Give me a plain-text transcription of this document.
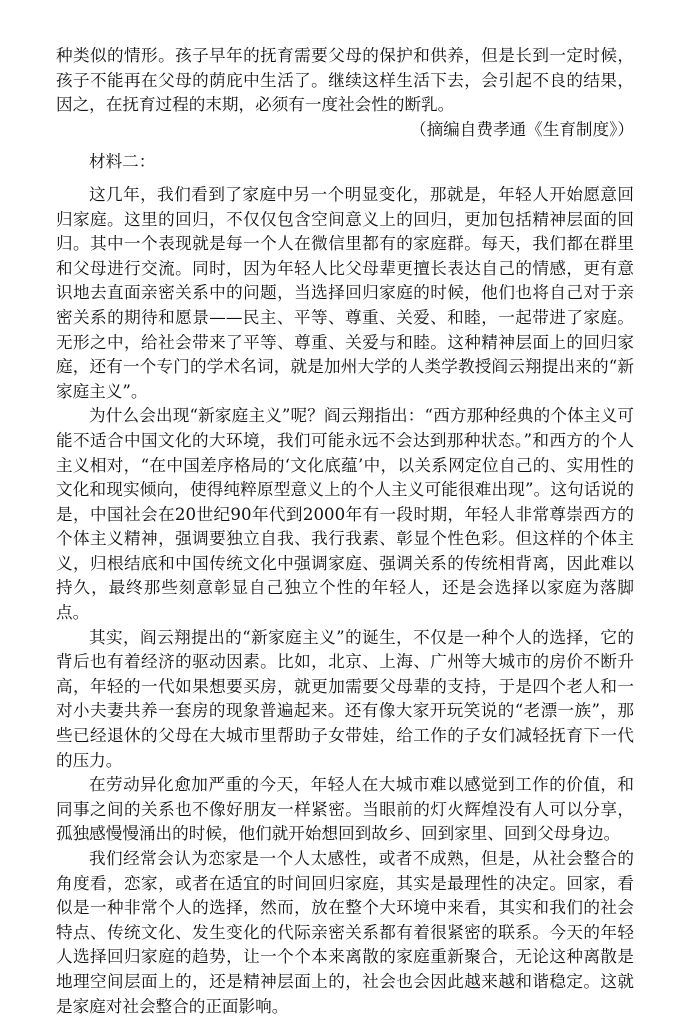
种类似的情形。孩子早年的抚育需要父母的保护和供养，但是长到一定时候，孩子不能再在父母的荫庇中生活了。继续这样生活下去，会引起不良的结果，因之，在抚育过程的末期，必须有一度社会性的断乳。

（摘编自费孝通《生育制度》）

材料二：

这几年，我们看到了家庭中另一个明显变化，那就是，年轻人开始愿意回归家庭。这里的回归，不仅仅包含空间意义上的回归，更加包括精神层面的回归。其中一个表现就是每一个人在微信里都有的家庭群。每天，我们都在群里和父母进行交流。同时，因为年轻人比父母辈更擅长表达自己的情感，更有意识地去直面亲密关系中的问题，当选择回归家庭的时候，他们也将自己对于亲密关系的期待和愿景——民主、平等、尊重、关爱、和睦，一起带进了家庭。无形之中，给社会带来了平等、尊重、关爱与和睦。这种精神层面上的回归家庭，还有一个专门的学术名词，就是加州大学的人类学教授阎云翔提出来的“新家庭主义”。

为什么会出现“新家庭主义”呢？阎云翔指出：“西方那种经典的个体主义可能不适合中国文化的大环境，我们可能永远不会达到那种状态。”和西方的个人主义相对，“在中国差序格局的‘文化底蕴’中，以关系网定位自己的、实用性的文化和现实倾向，使得纯粹原型意义上的个人主义可能很难出现”。这句话说的是，中国社会在20世纪90年代到2000年有一段时期，年轻人非常尊崇西方的个体主义精神，强调要独立自我、我行我素、彰显个性色彩。但这样的个体主义，归根结底和中国传统文化中强调家庭、强调关系的传统相背离，因此难以持久，最终那些刻意彰显自己独立个性的年轻人，还是会选择以家庭为落脚点。

其实，阎云翔提出的“新家庭主义”的诞生，不仅是一种个人的选择，它的背后也有着经济的驱动因素。比如，北京、上海、广州等大城市的房价不断升高，年轻的一代如果想要买房，就更加需要父母辈的支持，于是四个老人和一对小夫妻共养一套房的现象普遍起来。还有像大家开玩笑说的“老漂一族”，那些已经退休的父母在大城市里帮助子女带娃，给工作的子女们减轻抚育下一代的压力。

在劳动异化愈加严重的今天，年轻人在大城市难以感觉到工作的价值，和同事之间的关系也不像好朋友一样紧密。当眼前的灯火辉煌没有人可以分享，孤独感慢慢涌出的时候，他们就开始想回到故乡、回到家里、回到父母身边。

我们经常会认为恋家是一个人太感性，或者不成熟，但是，从社会整合的角度看，恋家，或者在适宜的时间回归家庭，其实是最理性的决定。回家，看似是一种非常个人的选择，然而，放在整个大环境中来看，其实和我们的社会特点、传统文化、发生变化的代际亲密关系都有着很紧密的联系。今天的年轻人选择回归家庭的趋势，让一个个本来离散的家庭重新聚合，无论这种离散是地理空间层面上的，还是精神层面上的，社会也会因此越来越和谐稳定。这就是家庭对社会整合的正面影响。
